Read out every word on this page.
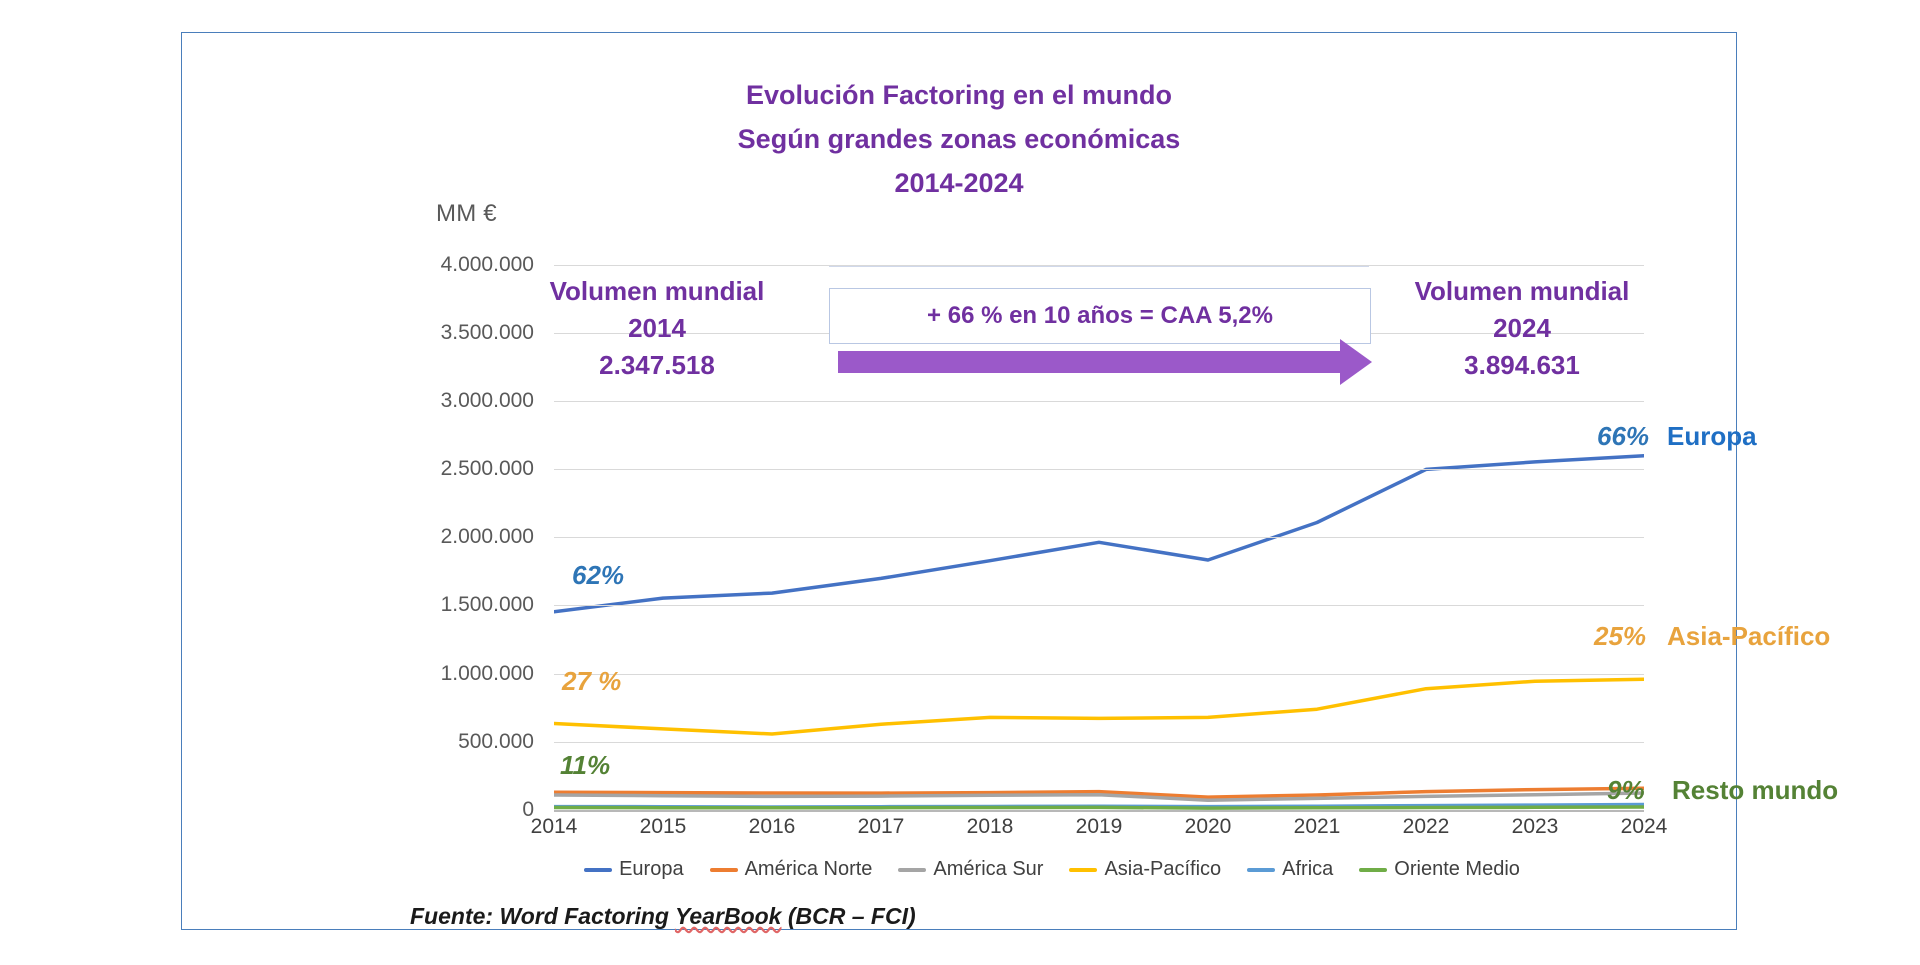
Evolución Factoring en el mundo
Según grandes zonas económicas
2014-2024
MM €
4.000.000
3.500.000
3.000.000
2.500.000
2.000.000
1.500.000
1.000.000
500.000
0
2014	2015	2016	2017	2018	2019	2020	2021	2022	2023	2024
Volumen mundial
2014
2.347.518
Volumen mundial
2024
3.894.631
+ 66 % en 10 años = CAA 5,2%
62%
27 %
11%
66% Europa
25% Asia-Pacífico
9% Resto mundo
Europa	América Norte	América Sur	Asia-Pacífico	Africa	Oriente Medio
Fuente: Word Factoring YearBook (BCR – FCI)
